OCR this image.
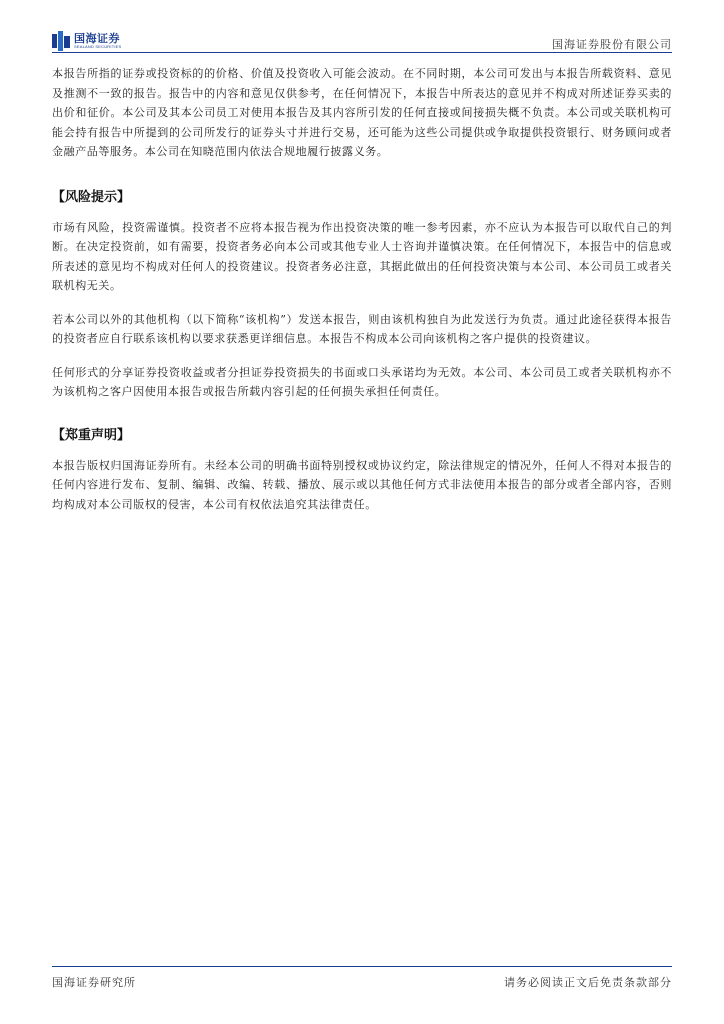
国海证券
SEALAND SECURITIES	国海证券股份有限公司

本报告所指的证券或投资标的的价格、价值及投资收入可能会波动。在不同时期，本公司可发出与本报告所载资料、意见及推测不一致的报告。报告中的内容和意见仅供参考，在任何情况下，本报告中所表达的意见并不构成对所述证券买卖的出价和征价。本公司及其本公司员工对使用本报告及其内容所引发的任何直接或间接损失概不负责。本公司或关联机构可能会持有报告中所提到的公司所发行的证券头寸并进行交易，还可能为这些公司提供或争取提供投资银行、财务顾问或者金融产品等服务。本公司在知晓范围内依法合规地履行披露义务。

【风险提示】

市场有风险，投资需谨慎。投资者不应将本报告视为作出投资决策的唯一参考因素，亦不应认为本报告可以取代自己的判断。在决定投资前，如有需要，投资者务必向本公司或其他专业人士咨询并谨慎决策。在任何情况下，本报告中的信息或所表述的意见均不构成对任何人的投资建议。投资者务必注意，其据此做出的任何投资决策与本公司、本公司员工或者关联机构无关。

若本公司以外的其他机构（以下简称“该机构”）发送本报告，则由该机构独自为此发送行为负责。通过此途径获得本报告的投资者应自行联系该机构以要求获悉更详细信息。本报告不构成本公司向该机构之客户提供的投资建议。

任何形式的分享证券投资收益或者分担证券投资损失的书面或口头承诺均为无效。本公司、本公司员工或者关联机构亦不为该机构之客户因使用本报告或报告所载内容引起的任何损失承担任何责任。

【郑重声明】

本报告版权归国海证券所有。未经本公司的明确书面特别授权或协议约定，除法律规定的情况外，任何人不得对本报告的任何内容进行发布、复制、编辑、改编、转载、播放、展示或以其他任何方式非法使用本报告的部分或者全部内容，否则均构成对本公司版权的侵害，本公司有权依法追究其法律责任。

国海证券研究所	请务必阅读正文后免责条款部分
